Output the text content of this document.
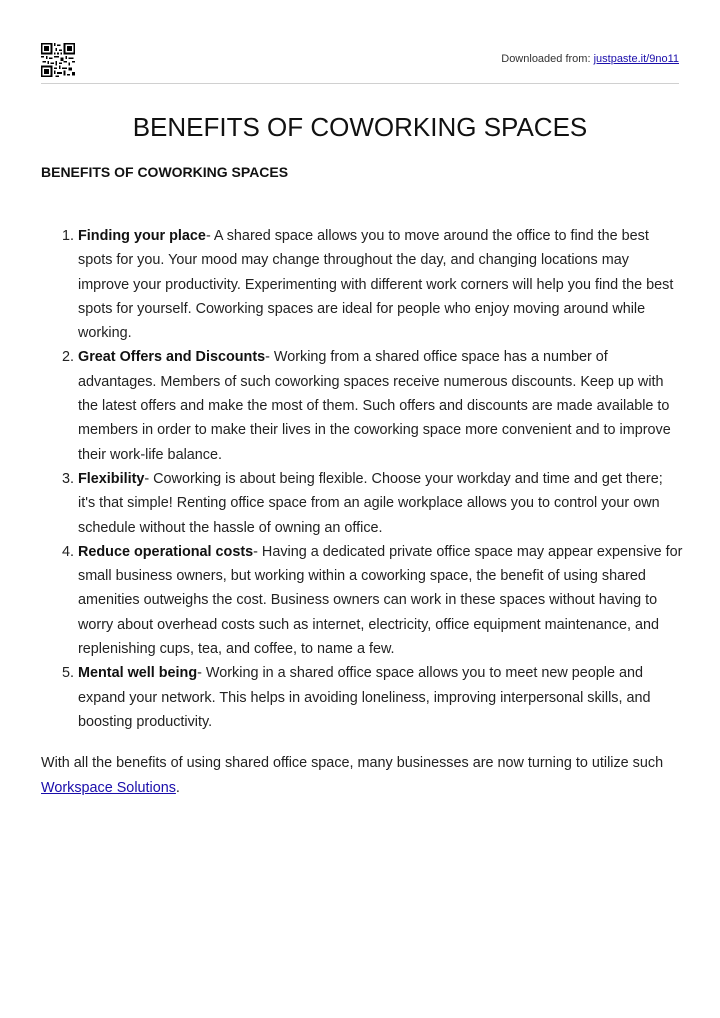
Downloaded from: justpaste.it/9no11
BENEFITS OF COWORKING SPACES
BENEFITS OF COWORKING SPACES
1. Finding your place- A shared space allows you to move around the office to find the best spots for you. Your mood may change throughout the day, and changing locations may improve your productivity. Experimenting with different work corners will help you find the best spots for yourself. Coworking spaces are ideal for people who enjoy moving around while working.
2. Great Offers and Discounts- Working from a shared office space has a number of advantages. Members of such coworking spaces receive numerous discounts. Keep up with the latest offers and make the most of them. Such offers and discounts are made available to members in order to make their lives in the coworking space more convenient and to improve their work-life balance.
3. Flexibility- Coworking is about being flexible. Choose your workday and time and get there; it's that simple! Renting office space from an agile workplace allows you to control your own schedule without the hassle of owning an office.
4. Reduce operational costs- Having a dedicated private office space may appear expensive for small business owners, but working within a coworking space, the benefit of using shared amenities outweighs the cost. Business owners can work in these spaces without having to worry about overhead costs such as internet, electricity, office equipment maintenance, and replenishing cups, tea, and coffee, to name a few.
5. Mental well being- Working in a shared office space allows you to meet new people and expand your network. This helps in avoiding loneliness, improving interpersonal skills, and boosting productivity.

With all the benefits of using shared office space, many businesses are now turning to utilize such Workspace Solutions.
